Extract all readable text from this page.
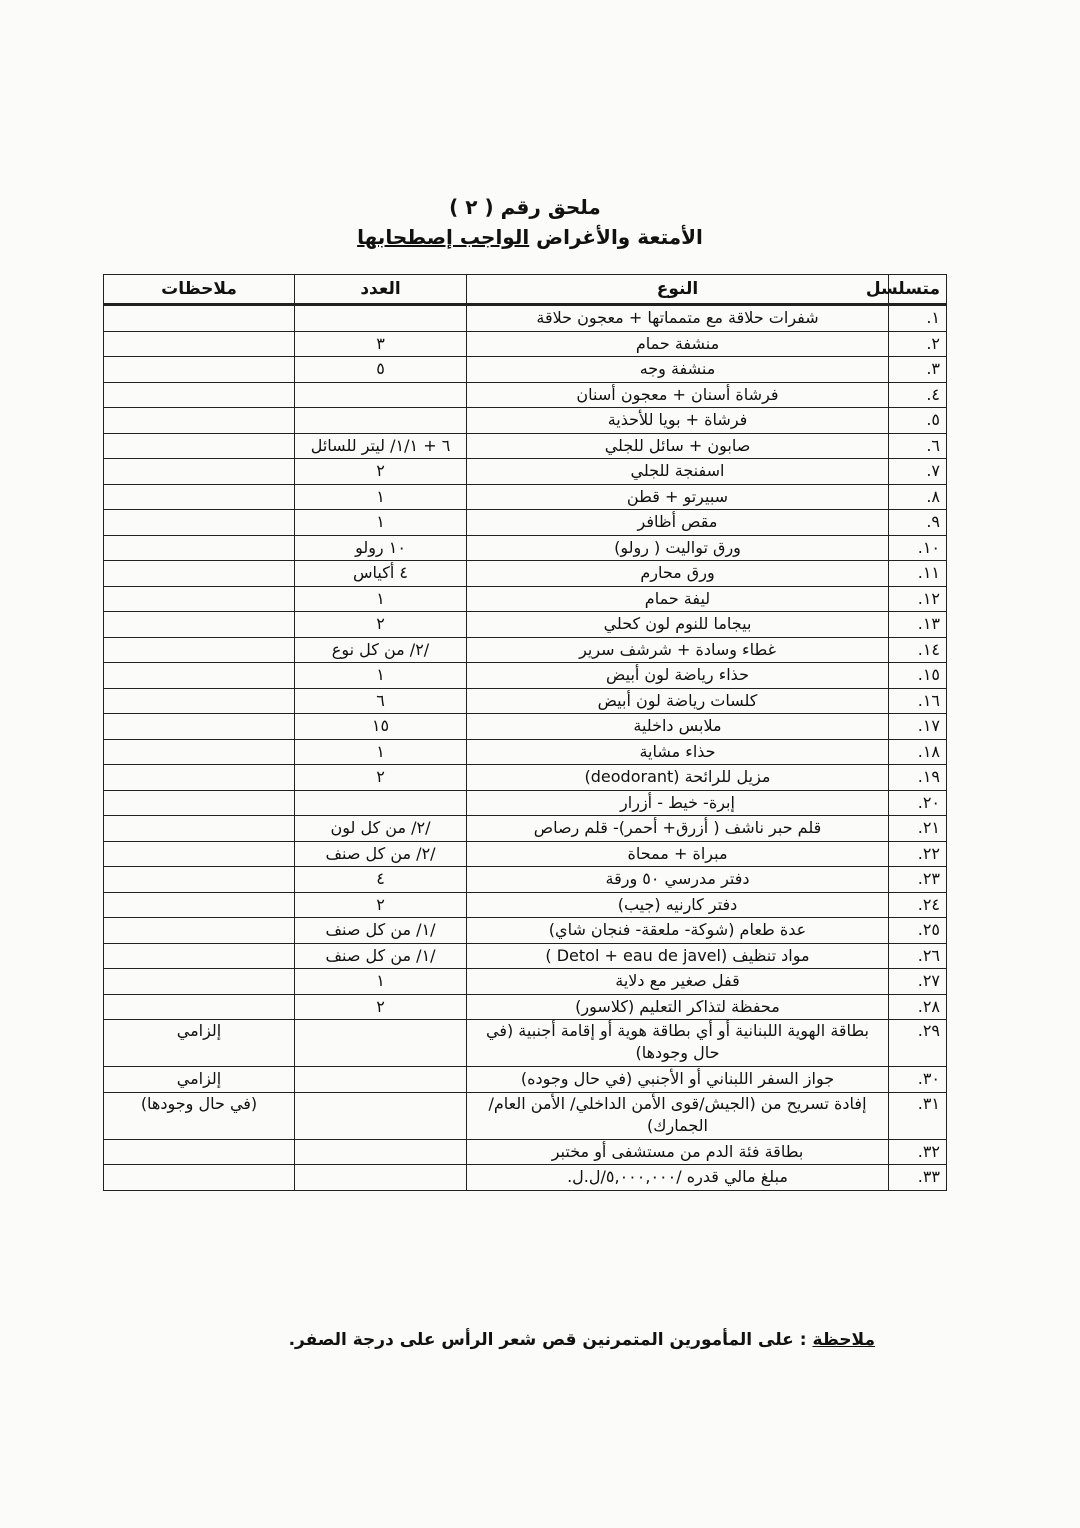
ملحق رقم ( ٢ )
الأمتعة والأغراض الواجب إصطحابها
متسلسل	النوع	العدد	ملاحظات
١.	شفرات حلاقة مع متمماتها + معجون حلاقة		
٢.	منشفة حمام	٣	
٣.	منشفة وجه	٥	
٤.	فرشاة أسنان + معجون أسنان		
٥.	فرشاة + بويا للأحذية		
٦.	صابون + سائل للجلي	٦ + ١/١/ ليتر للسائل	
٧.	اسفنجة للجلي	٢	
٨.	سبيرتو + قطن	١	
٩.	مقص أظافر	١	
١٠.	ورق تواليت ( رولو)	١٠ رولو	
١١.	ورق محارم	٤ أكياس	
١٢.	ليفة حمام	١	
١٣.	بيجاما للنوم لون كحلي	٢	
١٤.	غطاء وسادة + شرشف سرير	/٢/ من كل نوع	
١٥.	حذاء رياضة لون أبيض	١	
١٦.	كلسات رياضة لون أبيض	٦	
١٧.	ملابس داخلية	١٥	
١٨.	حذاء مشاية	١	
١٩.	مزيل للرائحة (deodorant)	٢	
٢٠.	إبرة- خيط - أزرار		
٢١.	قلم حبر ناشف ( أزرق+ أحمر)- قلم رصاص	/٢/ من كل لون	
٢٢.	مبراة + ممحاة	/٢/ من كل صنف	
٢٣.	دفتر مدرسي ٥٠ ورقة	٤	
٢٤.	دفتر كارنيه (جيب)	٢	
٢٥.	عدة طعام (شوكة- ملعقة- فنجان شاي)	/١/ من كل صنف	
٢٦.	مواد تنظيف (Detol + eau de javel )	/١/ من كل صنف	
٢٧.	قفل صغير مع دلاية	١	
٢٨.	محفظة لتذاكر التعليم (كلاسور)	٢	
٢٩.	بطاقة الهوية اللبنانية أو أي بطاقة هوية أو إقامة أجنبية (في حال وجودها)		إلزامي
٣٠.	جواز السفر اللبناني أو الأجنبي (في حال وجوده)		إلزامي
٣١.	إفادة تسريح من (الجيش/قوى الأمن الداخلي/ الأمن العام/ الجمارك)		(في حال وجودها)
٣٢.	بطاقة فئة الدم من مستشفى أو مختبر		
٣٣.	مبلغ مالي قدره /٥,٠٠٠,٠٠٠/ل.ل.		
ملاحظة : على المأمورين المتمرنين قص شعر الرأس على درجة الصفر.
